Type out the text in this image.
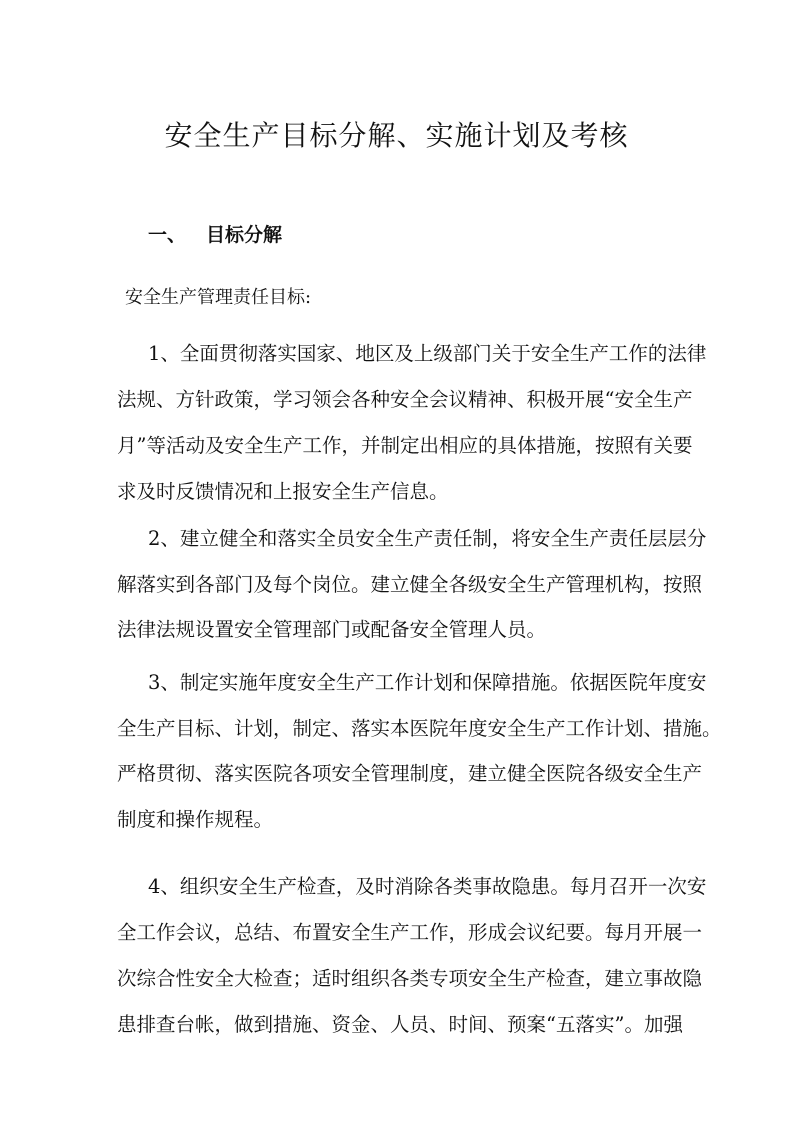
安全生产目标分解、实施计划及考核
一、 目标分解
安全生产管理责任目标:
1、全面贯彻落实国家、地区及上级部门关于安全生产工作的法律
法规、方针政策，学习领会各种安全会议精神、积极开展“安全生产
月”等活动及安全生产工作，并制定出相应的具体措施，按照有关要
求及时反馈情况和上报安全生产信息。
2、建立健全和落实全员安全生产责任制，将安全生产责任层层分
解落实到各部门及每个岗位。建立健全各级安全生产管理机构，按照
法律法规设置安全管理部门或配备安全管理人员。
3、制定实施年度安全生产工作计划和保障措施。依据医院年度安
全生产目标、计划，制定、落实本医院年度安全生产工作计划、措施。
严格贯彻、落实医院各项安全管理制度，建立健全医院各级安全生产
制度和操作规程。
4、组织安全生产检查，及时消除各类事故隐患。每月召开一次安
全工作会议，总结、布置安全生产工作，形成会议纪要。每月开展一
次综合性安全大检查；适时组织各类专项安全生产检查，建立事故隐
患排查台帐，做到措施、资金、人员、时间、预案“五落实”。加强
